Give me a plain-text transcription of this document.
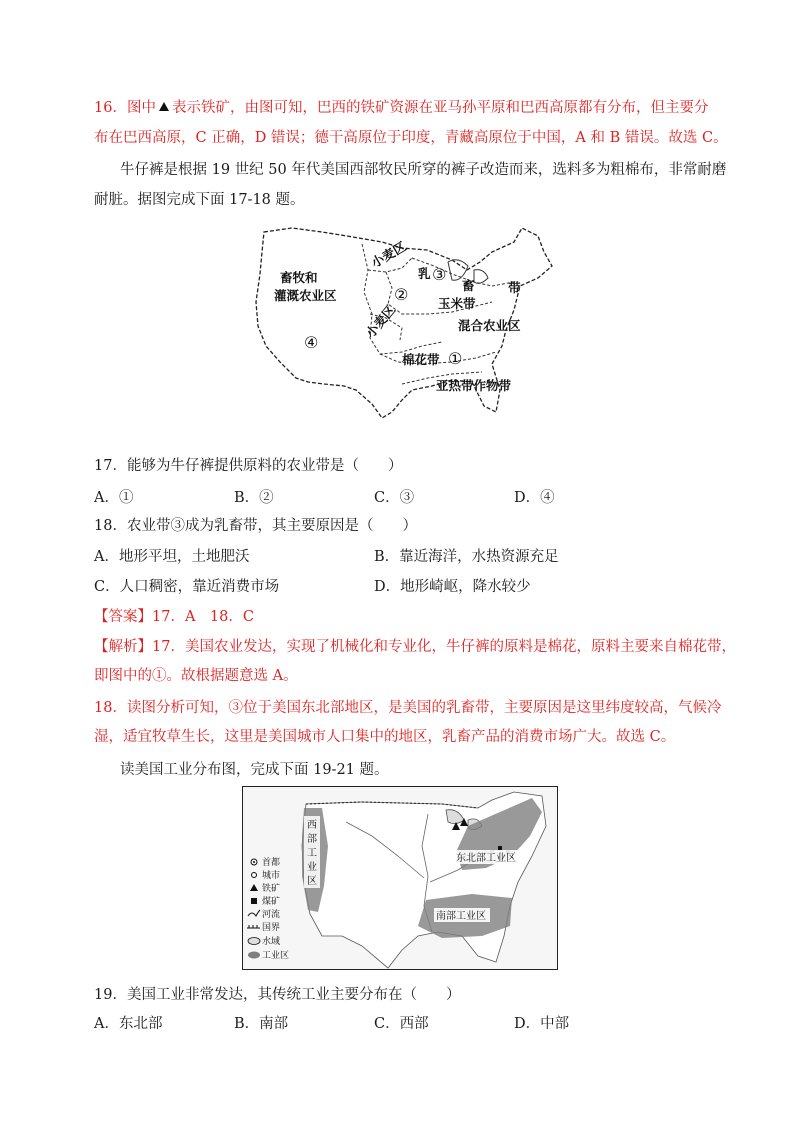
16．图中 表示铁矿，由图可知，巴西的铁矿资源在亚马孙平原和巴西高原都有分布，但主要分
布在巴西高原，C 正确，D 错误；德干高原位于印度，青藏高原位于中国，A 和 B 错误。故选 C。
牛仔裤是根据 19 世纪 50 年代美国西部牧民所穿的裤子改造而来，选料多为粗棉布，非常耐磨
耐脏。据图完成下面 17-18 题。
畜牧和
灌溉农业区
小麦区
乳 ③
畜	带
② 玉米带
小麦区	混合农业区
④
棉花带 ①
亚热带作物带
17．能够为牛仔裤提供原料的农业带是（　　）
A．①	B．②	C．③	D．④
18．农业带③成为乳畜带，其主要原因是（　　）
A．地形平坦，土地肥沃	B．靠近海洋，水热资源充足
C．人口稠密，靠近消费市场	D．地形崎岖，降水较少
【答案】17．A　18．C
【解析】17．美国农业发达，实现了机械化和专业化，牛仔裤的原料是棉花，原料主要来自棉花带，
即图中的①。故根据题意选 A。
18．读图分析可知，③位于美国东北部地区，是美国的乳畜带，主要原因是这里纬度较高，气候冷
湿，适宜牧草生长，这里是美国城市人口集中的地区，乳畜产品的消费市场广大。故选 C。
读美国工业分布图，完成下面 19-21 题。
西
部
工
业
区
东北部工业区
南部工业区
首都
城市
铁矿
煤矿
河流
国界
水域
工业区
19．美国工业非常发达，其传统工业主要分布在（　　）
A．东北部	B．南部	C．西部	D．中部
